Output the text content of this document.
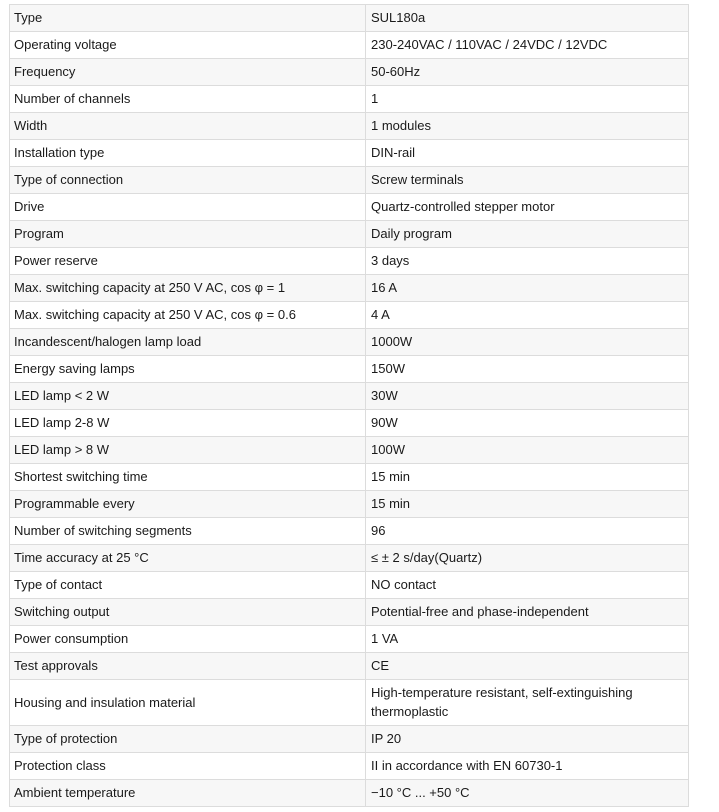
Type	SUL180a
Operating voltage	230-240VAC / 110VAC / 24VDC / 12VDC
Frequency	50-60Hz
Number of channels	1
Width	1 modules
Installation type	DIN-rail
Type of connection	Screw terminals
Drive	Quartz-controlled stepper motor
Program	Daily program
Power reserve	3 days
Max. switching capacity at 250 V AC, cos φ = 1	16 A
Max. switching capacity at 250 V AC, cos φ = 0.6	4 A
Incandescent/halogen lamp load	1000W
Energy saving lamps	150W
LED lamp < 2 W	30W
LED lamp 2-8 W	90W
LED lamp > 8 W	100W
Shortest switching time	15 min
Programmable every	15 min
Number of switching segments	96
Time accuracy at 25 °C	≤ ± 2 s/day(Quartz)
Type of contact	NO contact
Switching output	Potential-free and phase-independent
Power consumption	1 VA
Test approvals	CE
Housing and insulation material	High-temperature resistant, self-extinguishing thermoplastic
Type of protection	IP 20
Protection class	II in accordance with EN 60730-1
Ambient temperature	−10 °C ... +50 °C
